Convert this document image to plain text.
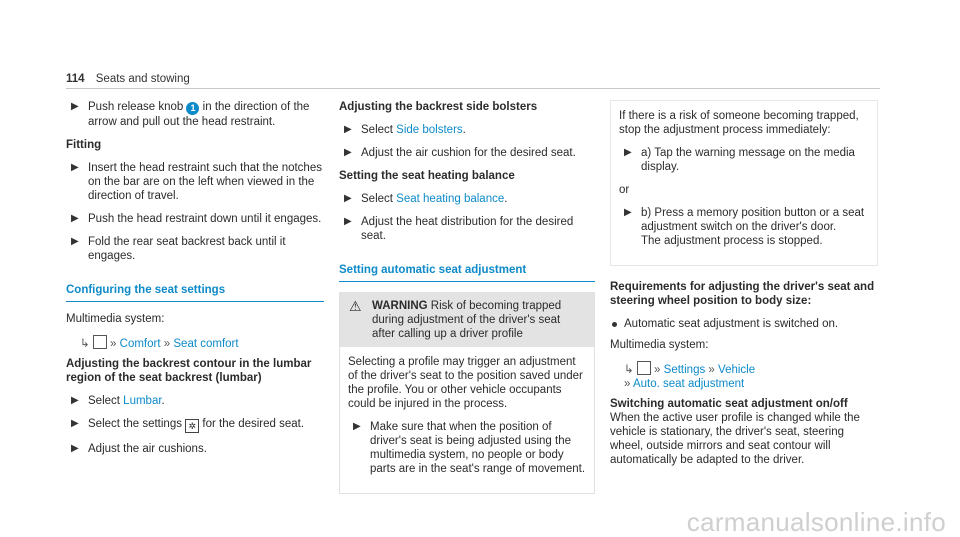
114 Seats and stowing
▶ Push release knob 1 in the direction of the arrow and pull out the head restraint.
Fitting
▶ Insert the head restraint such that the notches on the bar are on the left when viewed in the direction of travel.
▶ Push the head restraint down until it engages.
▶ Fold the rear seat backrest back until it engages.
Configuring the seat settings
Multimedia system:
↳ » Comfort » Seat comfort
Adjusting the backrest contour in the lumbar region of the seat backrest (lumbar)
▶ Select Lumbar.
▶ Select the settings ✲ for the desired seat.
▶ Adjust the air cushions.
Adjusting the backrest side bolsters
▶ Select Side bolsters.
▶ Adjust the air cushion for the desired seat.
Setting the seat heating balance
▶ Select Seat heating balance.
▶ Adjust the heat distribution for the desired seat.
Setting automatic seat adjustment
⚠ WARNING Risk of becoming trapped during adjustment of the driver's seat after calling up a driver profile
Selecting a profile may trigger an adjustment of the driver's seat to the position saved under the profile. You or other vehicle occupants could be injured in the process.
▶ Make sure that when the position of driver's seat is being adjusted using the multimedia system, no people or body parts are in the seat's range of movement.
If there is a risk of someone becoming trapped, stop the adjustment process immediately:
▶ a) Tap the warning message on the media display.
or
▶ b) Press a memory position button or a seat adjustment switch on the driver's door.
The adjustment process is stopped.
Requirements for adjusting the driver's seat and steering wheel position to body size:
Automatic seat adjustment is switched on.
Multimedia system:
↳ » Settings » Vehicle
» Auto. seat adjustment
Switching automatic seat adjustment on/off
When the active user profile is changed while the vehicle is stationary, the driver's seat, steering wheel, outside mirrors and seat contour will automatically be adapted to the driver.
carmanualsonline.info
